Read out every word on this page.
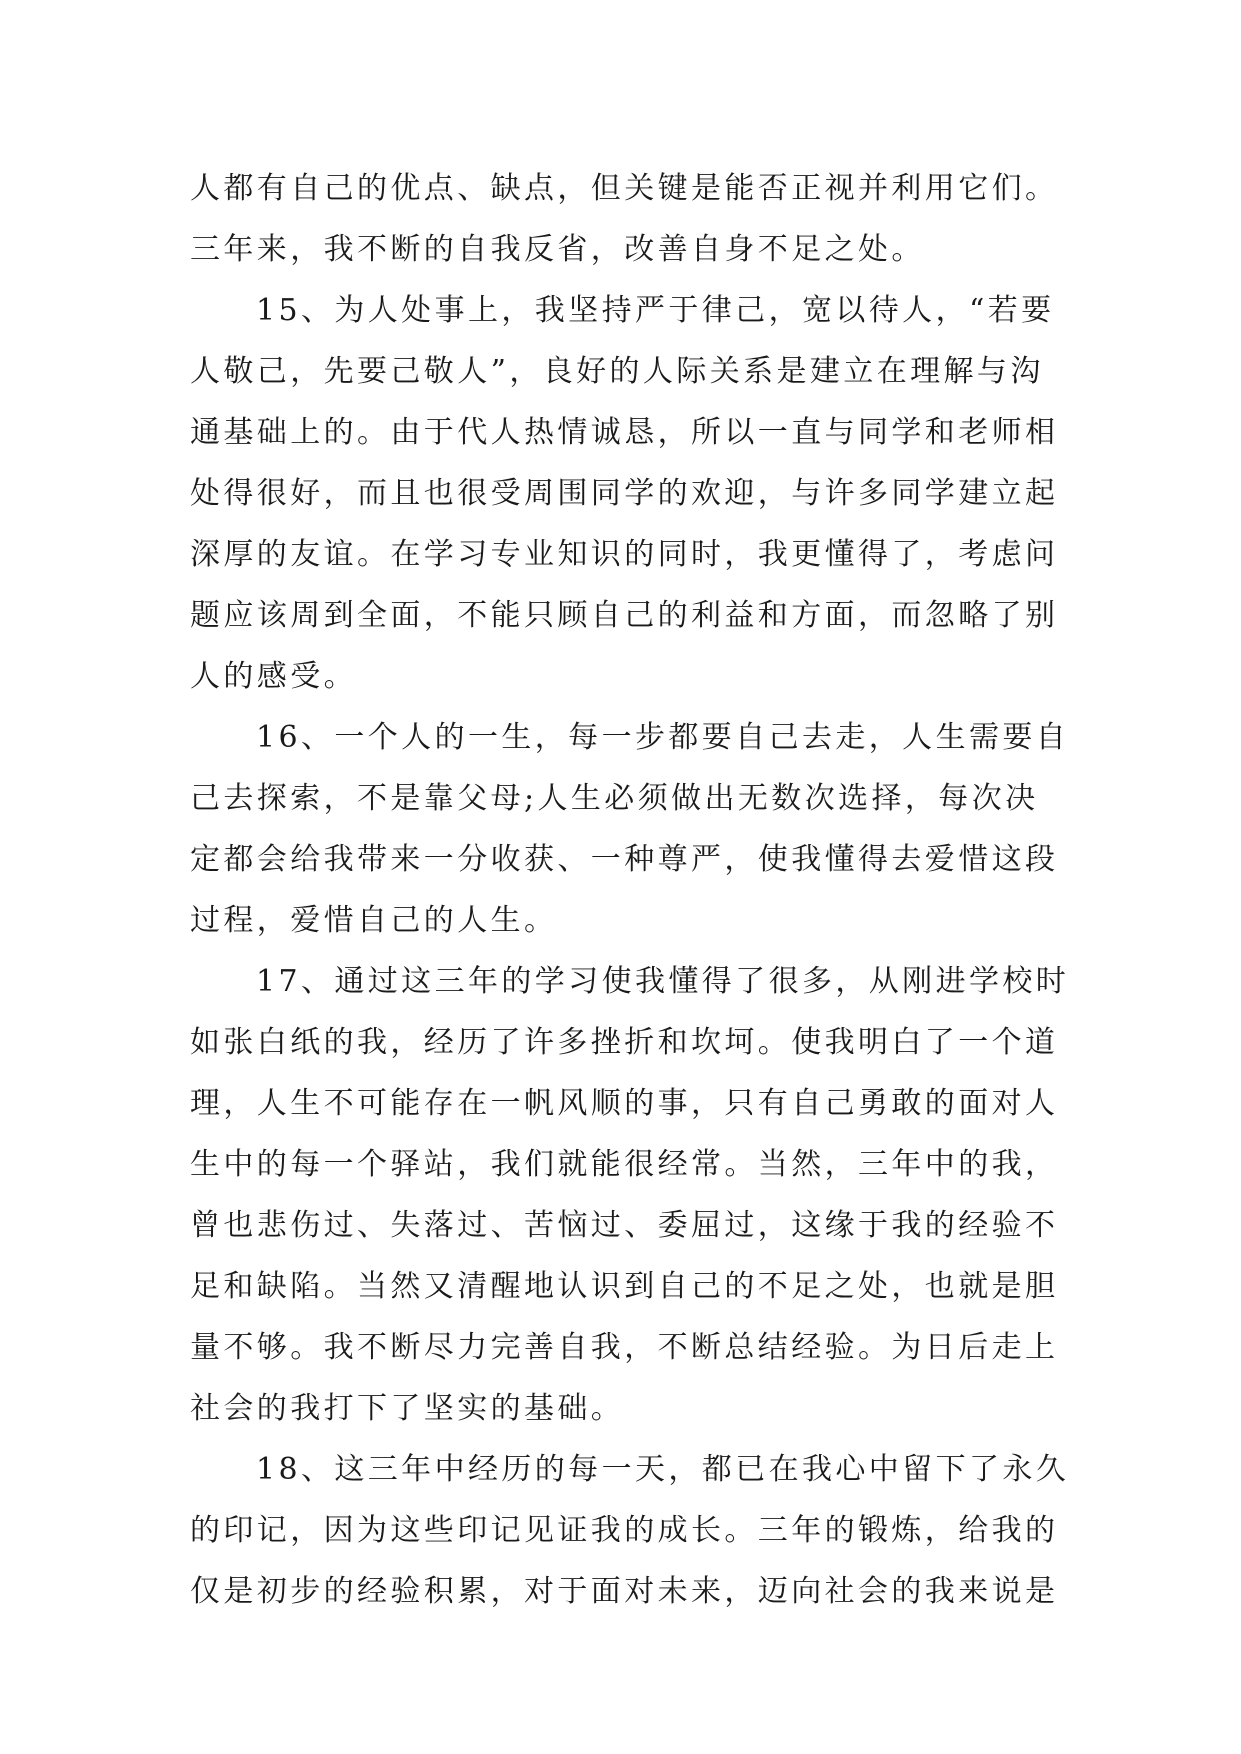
人都有自己的优点、缺点，但关键是能否正视并利用它们。
三年来，我不断的自我反省，改善自身不足之处。
15、为人处事上，我坚持严于律己，宽以待人，“若要
人敬己，先要己敬人”，良好的人际关系是建立在理解与沟
通基础上的。由于代人热情诚恳，所以一直与同学和老师相
处得很好，而且也很受周围同学的欢迎，与许多同学建立起
深厚的友谊。在学习专业知识的同时，我更懂得了，考虑问
题应该周到全面，不能只顾自己的利益和方面，而忽略了别
人的感受。
16、一个人的一生，每一步都要自己去走，人生需要自
己去探索，不是靠父母;人生必须做出无数次选择，每次决
定都会给我带来一分收获、一种尊严，使我懂得去爱惜这段
过程，爱惜自己的人生。
17、通过这三年的学习使我懂得了很多，从刚进学校时
如张白纸的我，经历了许多挫折和坎坷。使我明白了一个道
理，人生不可能存在一帆风顺的事，只有自己勇敢的面对人
生中的每一个驿站，我们就能很经常。当然，三年中的我，
曾也悲伤过、失落过、苦恼过、委屈过，这缘于我的经验不
足和缺陷。当然又清醒地认识到自己的不足之处，也就是胆
量不够。我不断尽力完善自我，不断总结经验。为日后走上
社会的我打下了坚实的基础。
18、这三年中经历的每一天，都已在我心中留下了永久
的印记，因为这些印记见证我的成长。三年的锻炼，给我的
仅是初步的经验积累，对于面对未来，迈向社会的我来说是
